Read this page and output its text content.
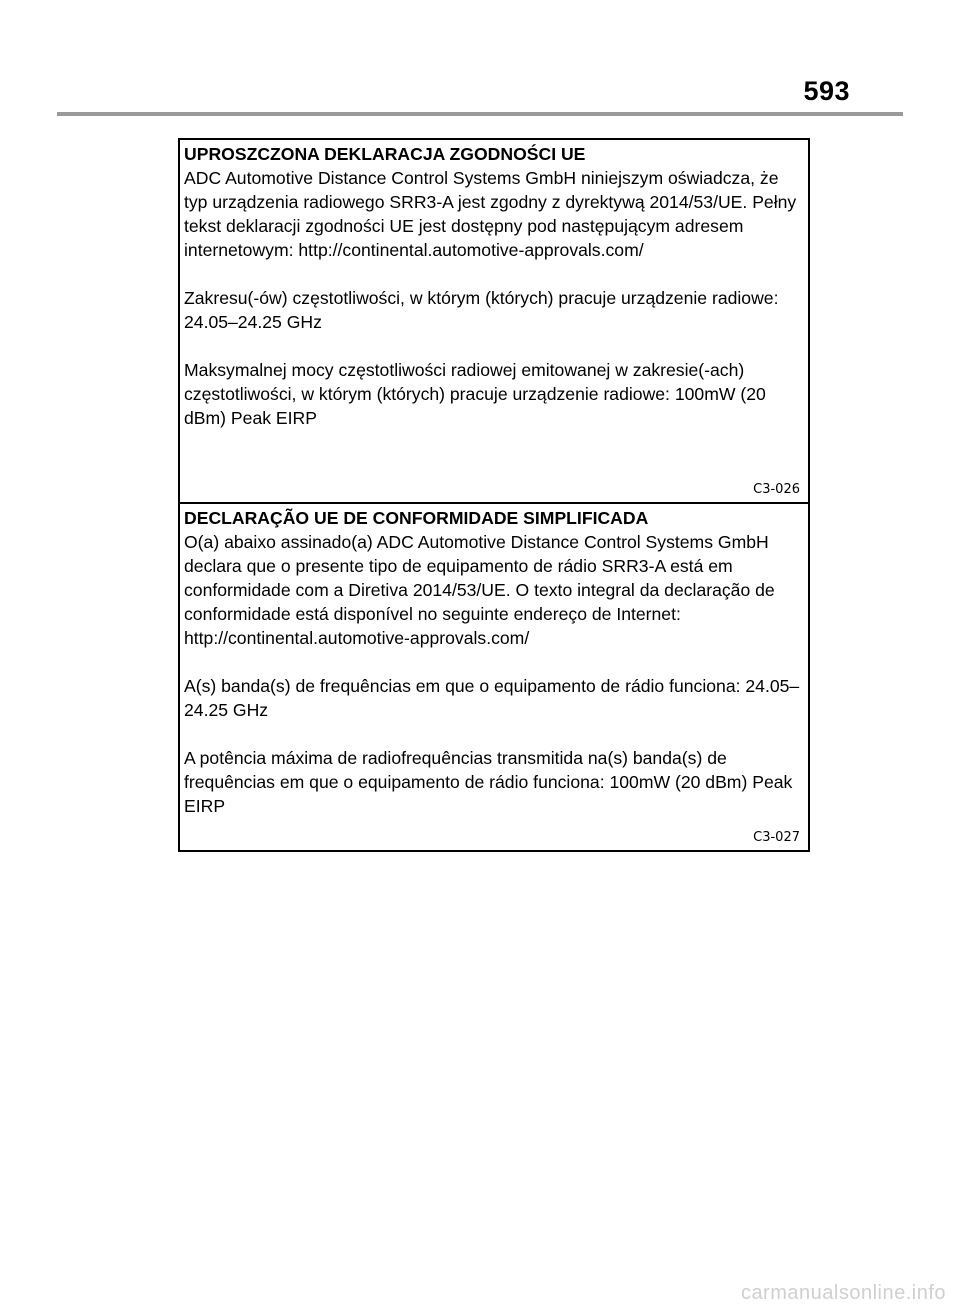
593
UPROSZCZONA DEKLARACJA ZGODNOŚCI UE

ADC Automotive Distance Control Systems GmbH niniejszym oświadcza, że typ urządzenia radiowego SRR3-A jest zgodny z dyrektywą 2014/53/UE. Pełny tekst deklaracji zgodności UE jest dostępny pod następującym adresem internetowym: http://continental.automotive-approvals.com/

Zakresu(-ów) częstotliwości, w którym (których) pracuje urządzenie radiowe: 24.05–24.25 GHz

Maksymalnej mocy częstotliwości radiowej emitowanej w zakresie(-ach) częstotliwości, w którym (których) pracuje urządzenie radiowe: 100mW (20 dBm) Peak EIRP

C3-026
DECLARAÇÃO UE DE CONFORMIDADE SIMPLIFICADA

O(a) abaixo assinado(a) ADC Automotive Distance Control Systems GmbH declara que o presente tipo de equipamento de rádio SRR3-A está em conformidade com a Diretiva 2014/53/UE. O texto integral da declaração de conformidade está disponível no seguinte endereço de Internet: http://continental.automotive-approvals.com/

A(s) banda(s) de frequências em que o equipamento de rádio funciona: 24.05–24.25 GHz

A potência máxima de radiofrequências transmitida na(s) banda(s) de frequências em que o equipamento de rádio funciona: 100mW (20 dBm) Peak EIRP

C3-027
carmanualsonline.info
